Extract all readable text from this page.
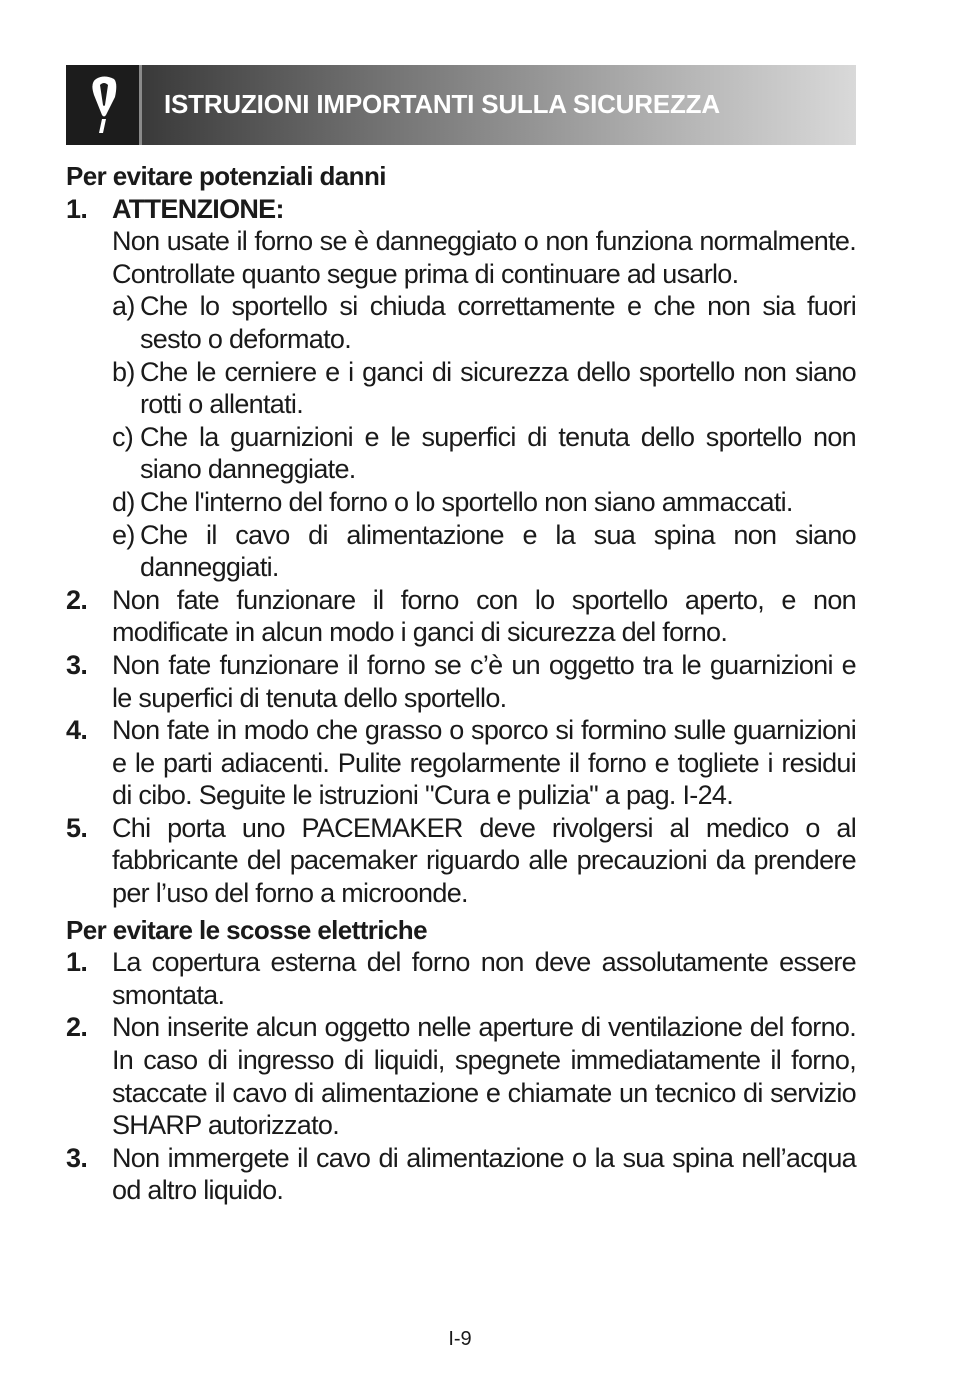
ISTRUZIONI IMPORTANTI SULLA SICUREZZA
Per evitare potenziali danni
1. ATTENZIONE:
Non usate il forno se è danneggiato o non funziona normalmente. Controllate quanto segue prima di continuare ad usarlo.
a) Che lo sportello si chiuda correttamente e che non sia fuori sesto o deformato.
b) Che le cerniere e i ganci di sicurezza dello sportello non siano rotti o allentati.
c) Che la guarnizioni e le superfici di tenuta dello sportello non siano danneggiate.
d) Che l'interno del forno o lo sportello non siano ammaccati.
e) Che il cavo di alimentazione e la sua spina non siano danneggiati.
2. Non fate funzionare il forno con lo sportello aperto, e non modificate in alcun modo i ganci di sicurezza del forno.
3. Non fate funzionare il forno se c’è un oggetto tra le guarnizioni e le superfici di tenuta dello sportello.
4. Non fate in modo che grasso o sporco si formino sulle guarnizioni e le parti adiacenti. Pulite regolarmente il forno e togliete i residui di cibo. Seguite le istruzioni "Cura e pulizia" a pag. I-24.
5. Chi porta uno PACEMAKER deve rivolgersi al medico o al fabbricante del pacemaker riguardo alle precauzioni da prendere per l’uso del forno a microonde.
Per evitare le scosse elettriche
1. La copertura esterna del forno non deve assolutamente essere smontata.
2. Non inserite alcun oggetto nelle aperture di ventilazione del forno. In caso di ingresso di liquidi, spegnete immediatamente il forno, staccate il cavo di alimentazione e chiamate un tecnico di servizio SHARP autorizzato.
3. Non immergete il cavo di alimentazione o la sua spina nell’acqua od altro liquido.
I-9
